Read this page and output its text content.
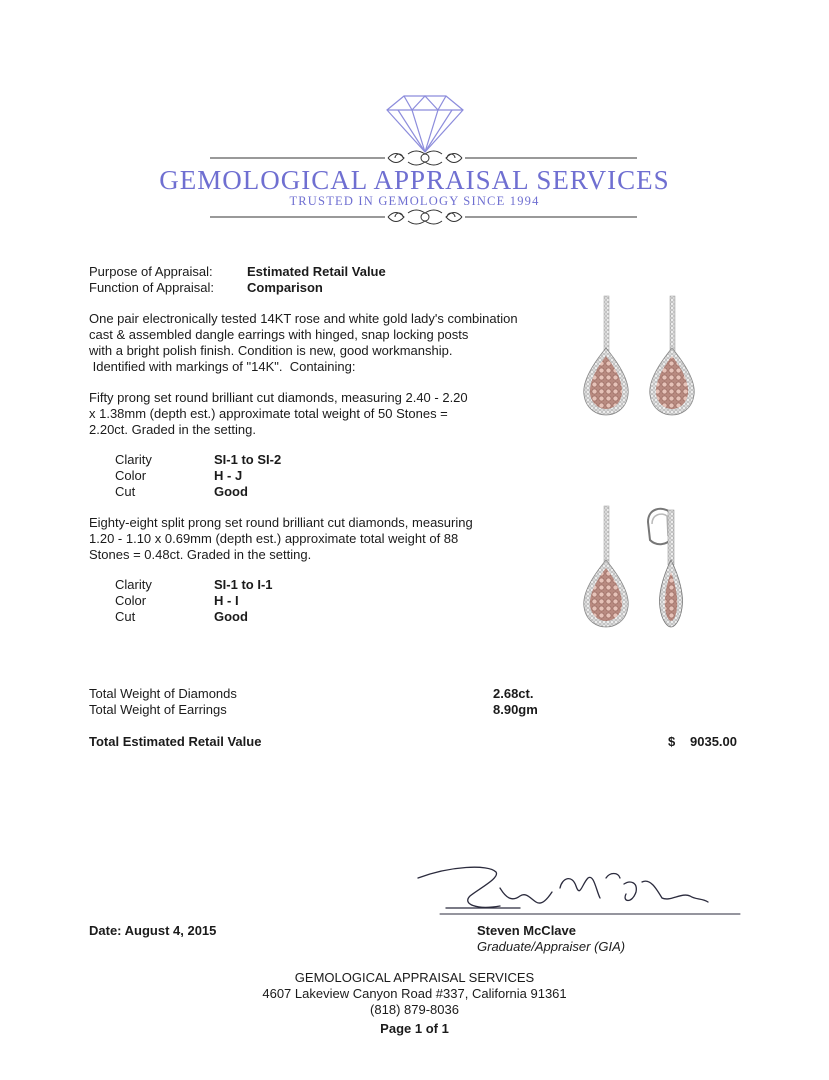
GEMOLOGICAL APPRAISAL SERVICES
TRUSTED IN GEMOLOGY SINCE 1994
Purpose of Appraisal:	Estimated Retail Value
Function of Appraisal:	Comparison
One pair electronically tested 14KT rose and white gold lady's combination
cast & assembled dangle earrings with hinged, snap locking posts
with a bright polish finish. Condition is new, good workmanship.
Identified with markings of "14K".  Containing:
Fifty prong set round brilliant cut diamonds, measuring 2.40 - 2.20
x 1.38mm (depth est.) approximate total weight of 50 Stones =
2.20ct. Graded in the setting.
Clarity	SI-1 to SI-2
Color	H - J
Cut	Good
Eighty-eight split prong set round brilliant cut diamonds, measuring
1.20 - 1.10 x 0.69mm (depth est.) approximate total weight of 88
Stones = 0.48ct. Graded in the setting.
Clarity	SI-1 to I-1
Color	H - I
Cut	Good
Total Weight of Diamonds	2.68ct.
Total Weight of Earrings	8.90gm
Total Estimated Retail Value	$ 9035.00
Date: August 4, 2015	Steven McClave
Graduate/Appraiser (GIA)
GEMOLOGICAL APPRAISAL SERVICES
4607 Lakeview Canyon Road #337, California 91361
(818) 879-8036
Page 1 of 1
